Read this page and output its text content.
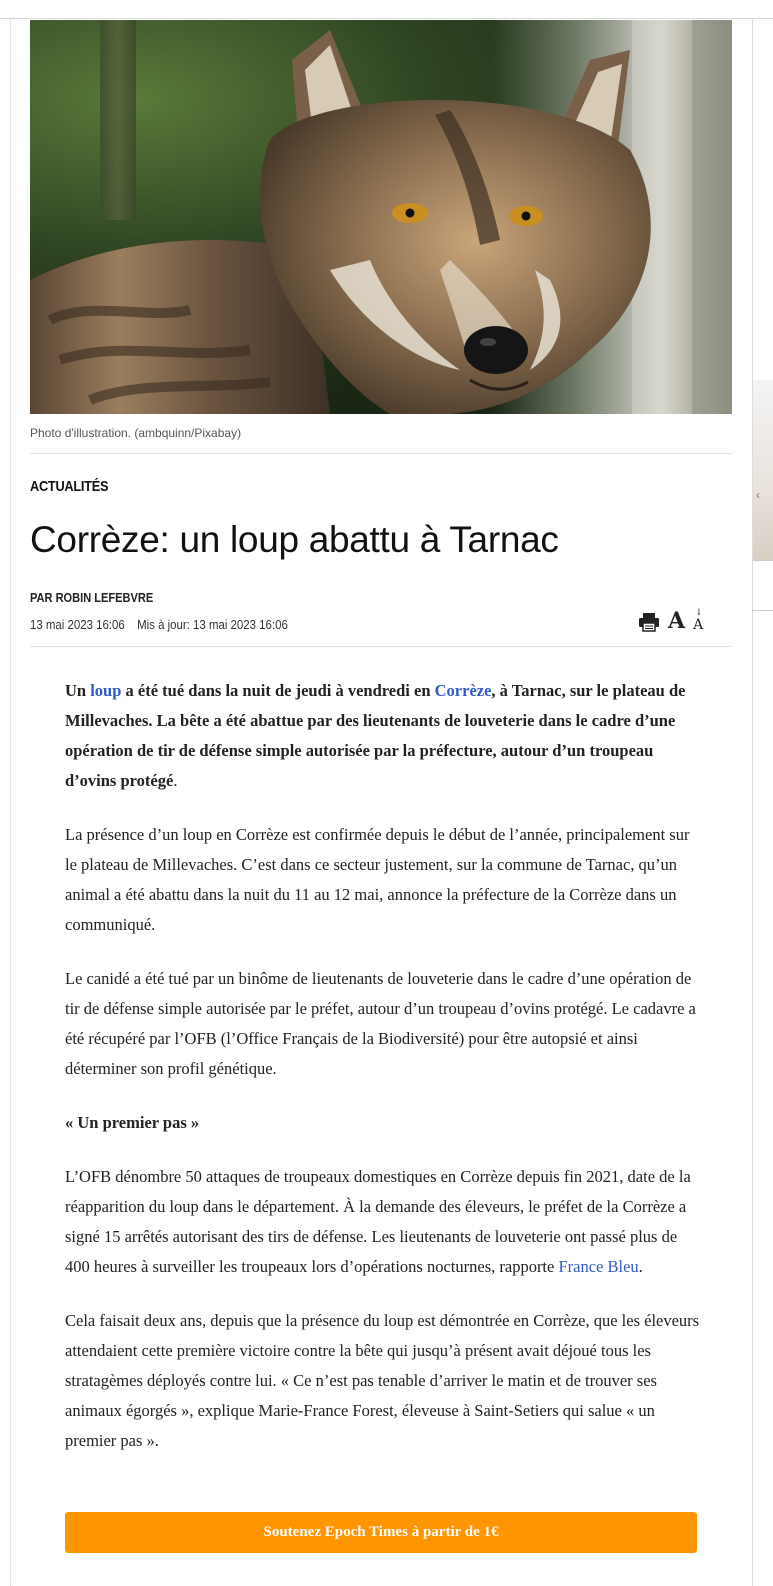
‹
Photo d'illustration. (ambquinn/Pixabay)
ACTUALITÉS
Corrèze: un loup abattu à Tarnac
PAR ROBIN LEFEBVRE
13 mai 2023 16:06 Mis à jour: 13 mai 2023 16:06	A ↓
A

Un loup a été tué dans la nuit de jeudi à vendredi en Corrèze, à Tarnac, sur le plateau de Millevaches. La bête a été abattue par des lieutenants de louveterie dans le cadre d’une opération de tir de défense simple autorisée par la préfecture, autour d’un troupeau d’ovins protégé.

La présence d’un loup en Corrèze est confirmée depuis le début de l’année, principalement sur le plateau de Millevaches. C’est dans ce secteur justement, sur la commune de Tarnac, qu’un animal a été abattu dans la nuit du 11 au 12 mai, annonce la préfecture de la Corrèze dans un communiqué.

Le canidé a été tué par un binôme de lieutenants de louveterie dans le cadre d’une opération de tir de défense simple autorisée par le préfet, autour d’un troupeau d’ovins protégé. Le cadavre a été récupéré par l’OFB (l’Office Français de la Biodiversité) pour être autopsié et ainsi déterminer son profil génétique.

« Un premier pas »

L’OFB dénombre 50 attaques de troupeaux domestiques en Corrèze depuis fin 2021, date de la réapparition du loup dans le département. À la demande des éleveurs, le préfet de la Corrèze a signé 15 arrêtés autorisant des tirs de défense. Les lieutenants de louveterie ont passé plus de 400 heures à surveiller les troupeaux lors d’opérations nocturnes, rapporte France Bleu.

Cela faisait deux ans, depuis que la présence du loup est démontrée en Corrèze, que les éleveurs attendaient cette première victoire contre la bête qui jusqu’à présent avait déjoué tous les stratagèmes déployés contre lui. « Ce n’est pas tenable d’arriver le matin et de trouver ses animaux égorgés », explique Marie-France Forest, éleveuse à Saint-Setiers qui salue « un premier pas ».

Soutenez Epoch Times à partir de 1€
